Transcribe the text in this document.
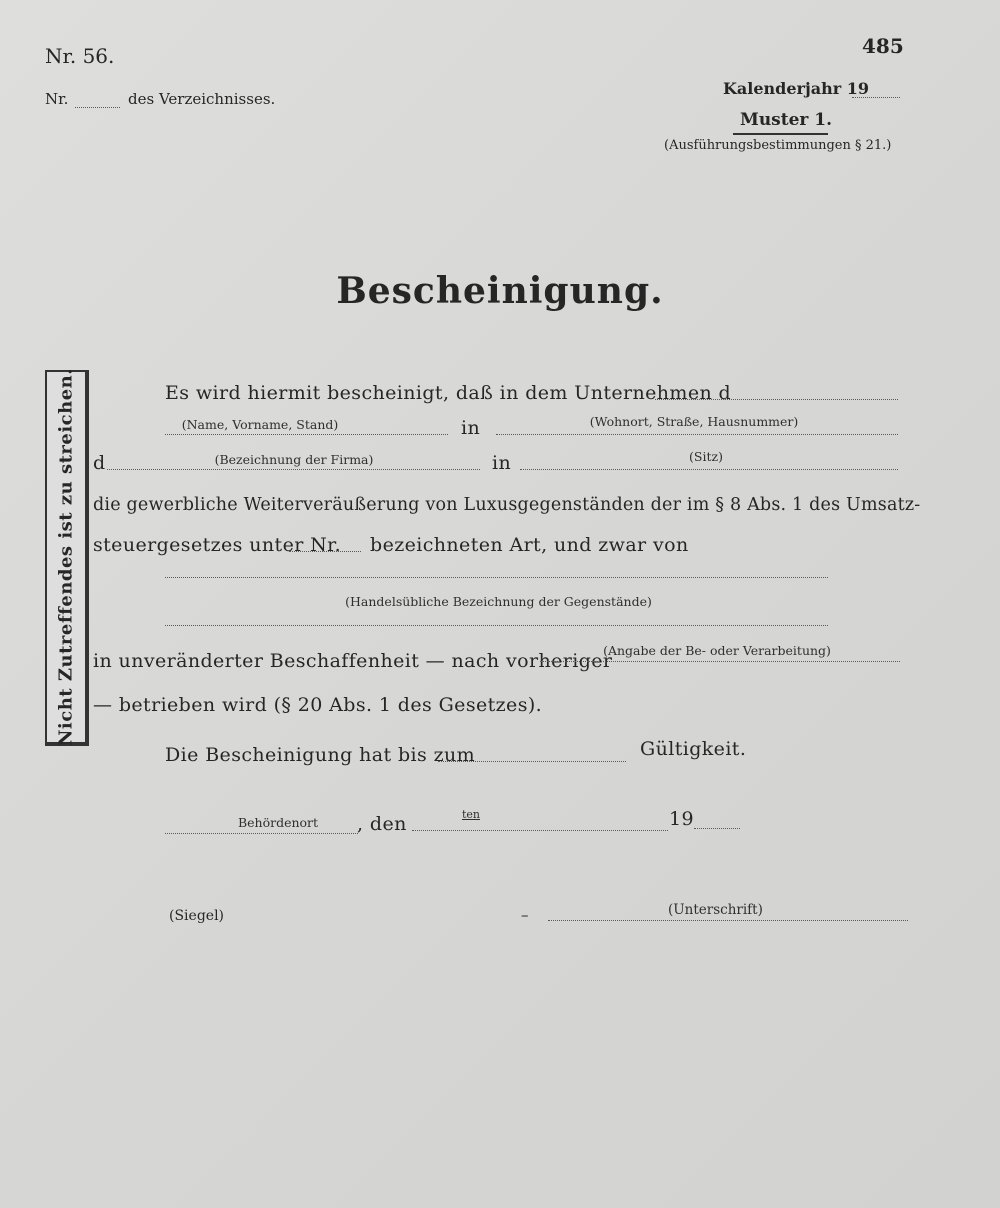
Nr. 56.	485
Nr.	des Verzeichnisses.
Kalenderjahr 19
Muster 1.
(Ausführungsbestimmungen § 21.)
Bescheinigung.
Nicht Zutreffendes ist zu streichen.	Es wird hiermit bescheinigt, daß in dem Unternehmen d
(Name, Vorname, Stand)	in	(Wohnort, Straße, Hausnummer)
d	(Bezeichnung der Firma)	in	(Sitz)
die gewerbliche Weiterveräußerung von Luxusgegenständen der im § 8 Abs. 1 des Umsatz-
steuergesetzes unter Nr. bezeichneten Art, und zwar von
(Handelsübliche Bezeichnung der Gegenstände)
in unveränderter Beschaffenheit — nach vorheriger
(Angabe der Be- oder Verarbeitung)
— betrieben wird (§ 20 Abs. 1 des Gesetzes).
Die Bescheinigung hat bis zum	Gültigkeit.
Behördenort	, den	ten	19
(Siegel)	–	(Unterschrift)
